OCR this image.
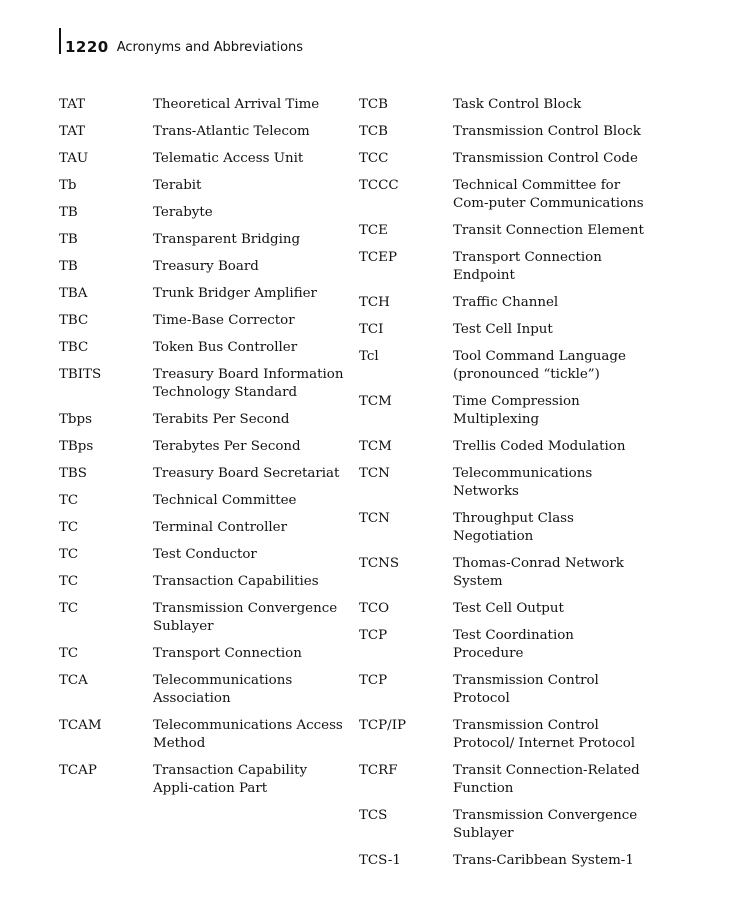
1220 Acronyms and Abbreviations
TAT	Theoretical Arrival Time
TAT	Trans-Atlantic Telecom
TAU	Telematic Access Unit
Tb	Terabit
TB	Terabyte
TB	Transparent Bridging
TB	Treasury Board
TBA	Trunk Bridger Amplifier
TBC	Time-Base Corrector
TBC	Token Bus Controller
TBITS	Treasury Board Information Technology Standard
Tbps	Terabits Per Second
TBps	Terabytes Per Second
TBS	Treasury Board Secretariat
TC	Technical Committee
TC	Terminal Controller
TC	Test Conductor
TC	Transaction Capabilities
TC	Transmission Convergence Sublayer
TC	Transport Connection
TCA	Telecommunications Association
TCAM	Telecommunications Access Method
TCAP	Transaction Capability Appli-cation Part
TCB	Task Control Block
TCB	Transmission Control Block
TCC	Transmission Control Code
TCCC	Technical Committee for Com-puter Communications
TCE	Transit Connection Element
TCEP	Transport Connection Endpoint
TCH	Traffic Channel
TCI	Test Cell Input
Tcl	Tool Command Language (pronounced “tickle”)
TCM	Time Compression Multiplexing
TCM	Trellis Coded Modulation
TCN	Telecommunications Networks
TCN	Throughput Class Negotiation
TCNS	Thomas-Conrad Network System
TCO	Test Cell Output
TCP	Test Coordination Procedure
TCP	Transmission Control Protocol
TCP/IP	Transmission Control Protocol/ Internet Protocol
TCRF	Transit Connection-Related Function
TCS	Transmission Convergence Sublayer
TCS-1	Trans-Caribbean System-1
